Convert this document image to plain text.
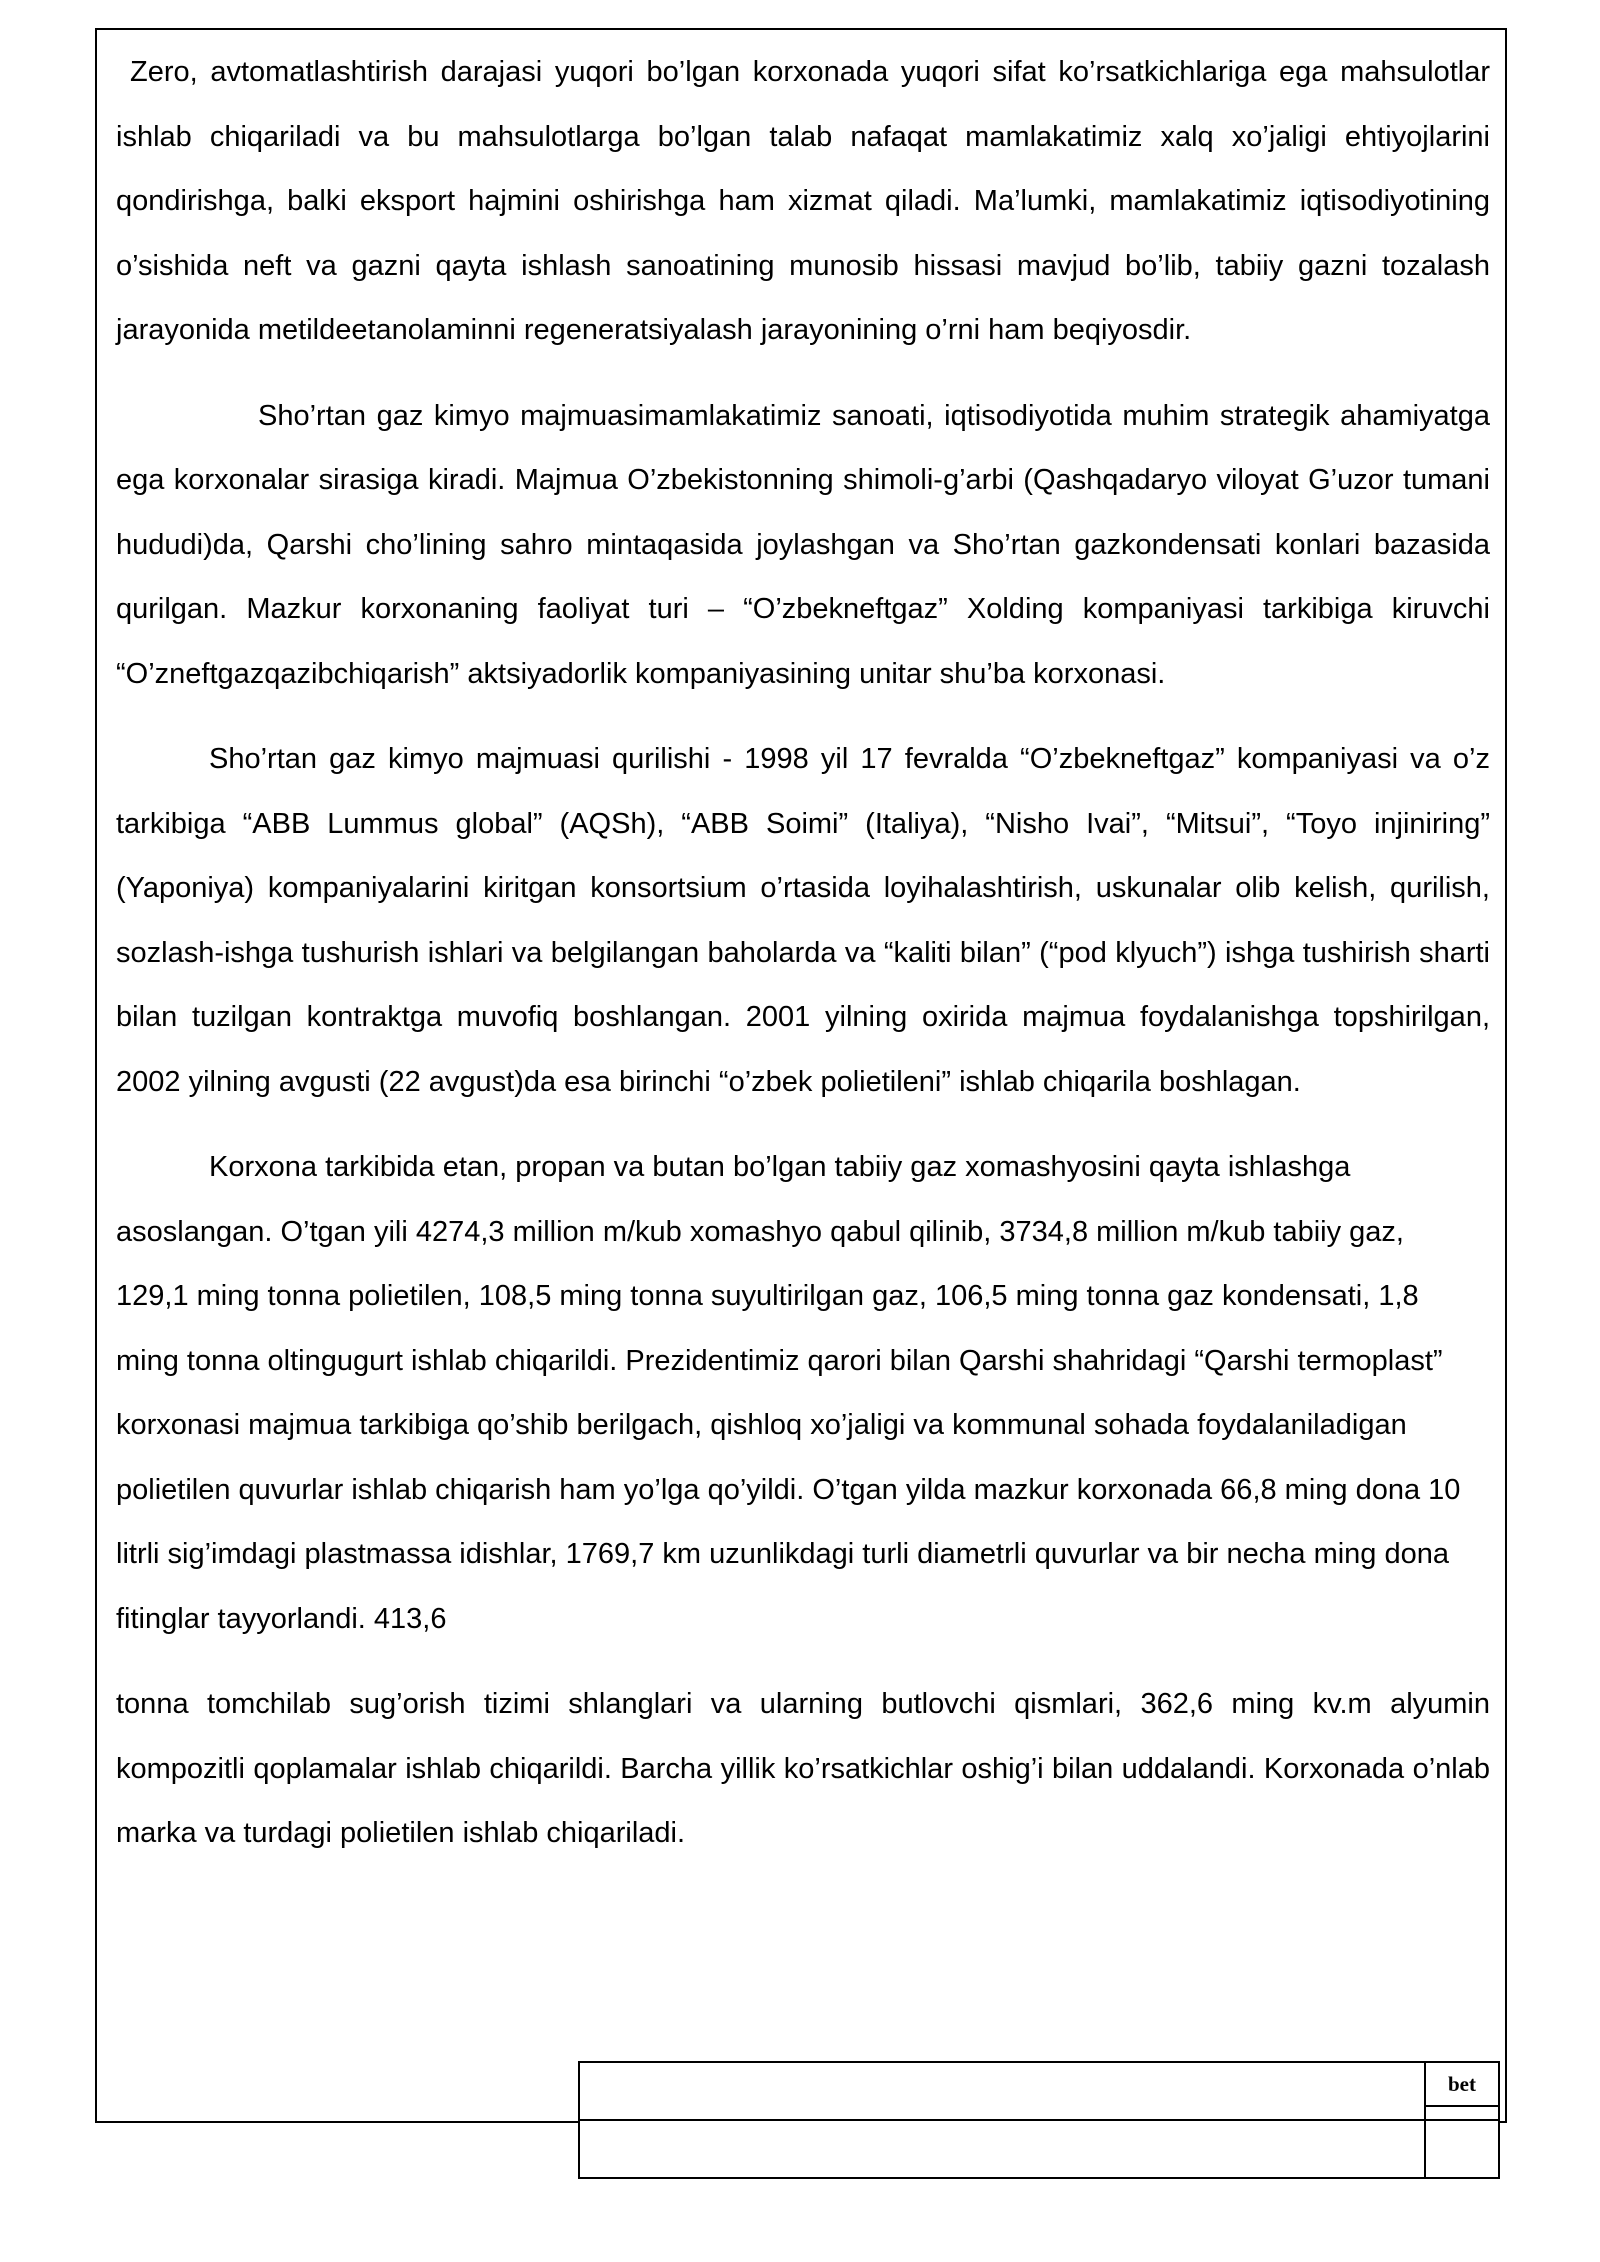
Zero, avtomatlashtirish darajasi yuqori bo’lgan korxonada yuqori sifat ko’rsatkichlariga ega mahsulotlar ishlab chiqariladi va bu mahsulotlarga bo’lgan talab nafaqat mamlakatimiz xalq xo’jaligi ehtiyojlarini qondirishga, balki eksport hajmini oshirishga ham xizmat qiladi. Ma’lumki, mamlakatimiz iqtisodiyotining o’sishida neft va gazni qayta ishlash sanoatining munosib hissasi mavjud bo’lib, tabiiy gazni tozalash jarayonida metildeetanolaminni regeneratsiyalash jarayonining o’rni ham beqiyosdir.

Sho’rtan gaz kimyo majmuasimamlakatimiz sanoati, iqtisodiyotida muhim strategik ahamiyatga ega korxonalar sirasiga kiradi. Majmua O’zbekistonning shimoli-g’arbi (Qashqadaryo viloyat G’uzor tumani hududi)da, Qarshi cho’lining sahro mintaqasida joylashgan va Sho’rtan gazkondensati konlari bazasida qurilgan. Mazkur korxonaning faoliyat turi – “O’zbekneftgaz” Xolding kompaniyasi tarkibiga kiruvchi “O’zneftgazqazibchiqarish” aktsiyadorlik kompaniyasining unitar shu’ba korxonasi.

Sho’rtan gaz kimyo majmuasi qurilishi - 1998 yil 17 fevralda “O’zbekneftgaz” kompaniyasi va o’z tarkibiga “ABB Lummus global” (AQSh), “ABB Soimi” (Italiya), “Nisho Ivai”, “Mitsui”, “Toyo injiniring” (Yaponiya) kompaniyalarini kiritgan konsortsium o’rtasida loyihalashtirish, uskunalar olib kelish, qurilish, sozlash-ishga tushurish ishlari va belgilangan baholarda va “kaliti bilan” (“pod klyuch”) ishga tushirish sharti bilan tuzilgan kontraktga muvofiq boshlangan. 2001 yilning oxirida majmua foydalanishga topshirilgan, 2002 yilning avgusti (22 avgust)da esa birinchi “o’zbek polietileni” ishlab chiqarila boshlagan.

Korxona tarkibida etan, propan va butan bo’lgan tabiiy gaz xomashyosini qayta ishlashga asoslangan. O’tgan yili 4274,3 million m/kub xomashyo qabul qilinib, 3734,8 million m/kub tabiiy gaz, 129,1 ming tonna polietilen, 108,5 ming tonna suyultirilgan gaz, 106,5 ming tonna gaz kondensati, 1,8 ming tonna oltingugurt ishlab chiqarildi. Prezidentimiz qarori bilan Qarshi shahridagi “Qarshi termoplast” korxonasi majmua tarkibiga qo’shib berilgach, qishloq xo’jaligi va kommunal sohada foydalaniladigan polietilen quvurlar ishlab chiqarish ham yo’lga qo’yildi. O’tgan yilda mazkur korxonada 66,8 ming dona 10 litrli sig’imdagi plastmassa idishlar, 1769,7 km uzunlikdagi turli diametrli quvurlar va bir necha ming dona fitinglar tayyorlandi. 413,6

tonna tomchilab sug’orish tizimi shlanglari va ularning butlovchi qismlari, 362,6 ming kv.m alyumin kompozitli qoplamalar ishlab chiqarildi. Barcha yillik ko’rsatkichlar oshig’i bilan uddalandi. Korxonada o’nlab marka va turdagi polietilen ishlab chiqariladi.

bet
